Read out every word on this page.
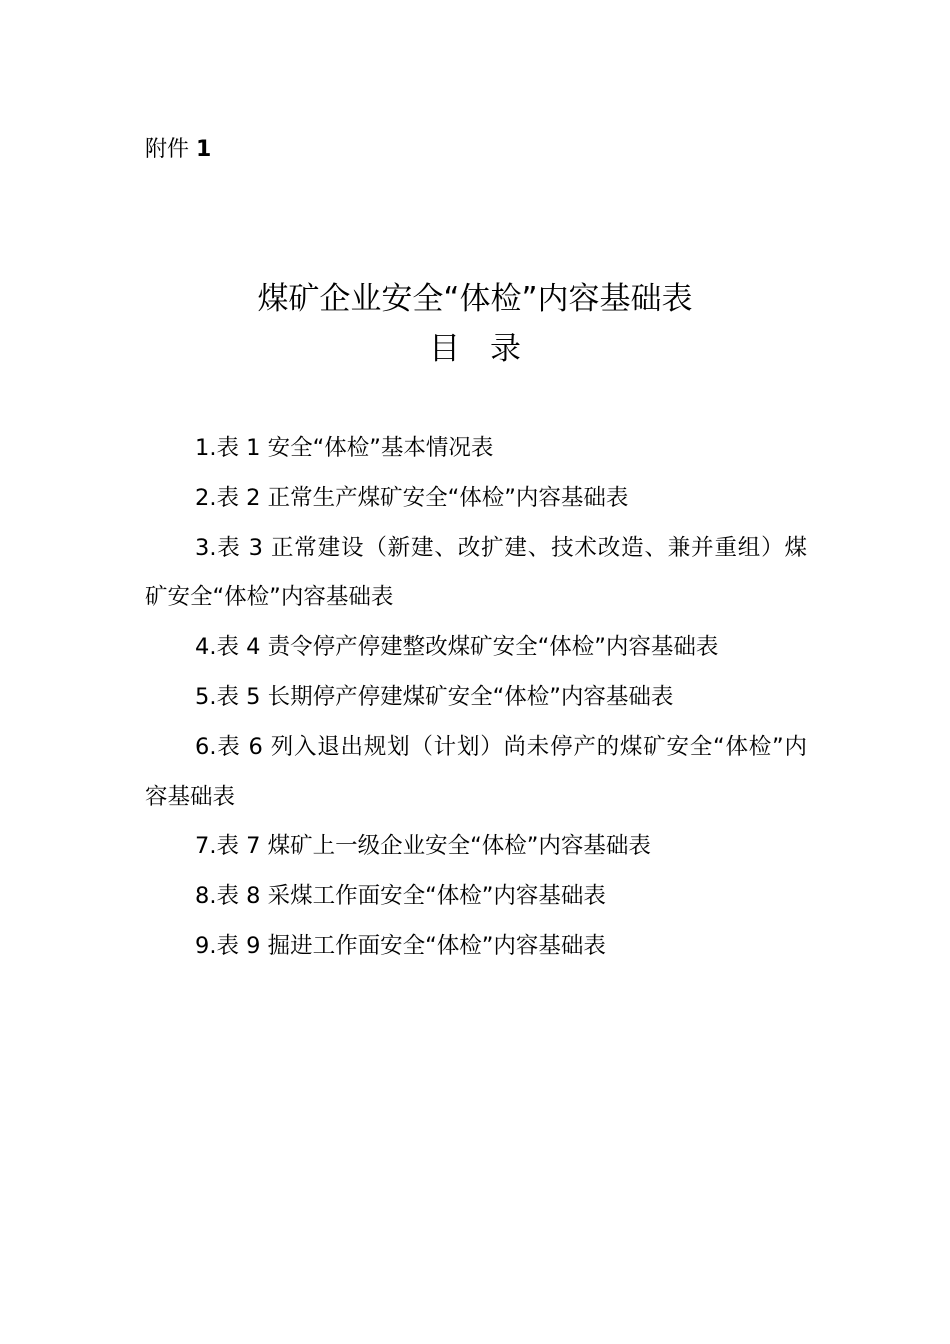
附件 1
煤矿企业安全“体检”内容基础表
目录
1.表 1 安全“体检”基本情况表
2.表 2 正常生产煤矿安全“体检”内容基础表
3.表 3 正常建设（新建、改扩建、技术改造、兼并重组）煤矿安全“体检”内容基础表
4.表 4 责令停产停建整改煤矿安全“体检”内容基础表
5.表 5 长期停产停建煤矿安全“体检”内容基础表
6.表 6 列入退出规划（计划）尚未停产的煤矿安全“体检”内容基础表
7.表 7 煤矿上一级企业安全“体检”内容基础表
8.表 8 采煤工作面安全“体检”内容基础表
9.表 9 掘进工作面安全“体检”内容基础表
